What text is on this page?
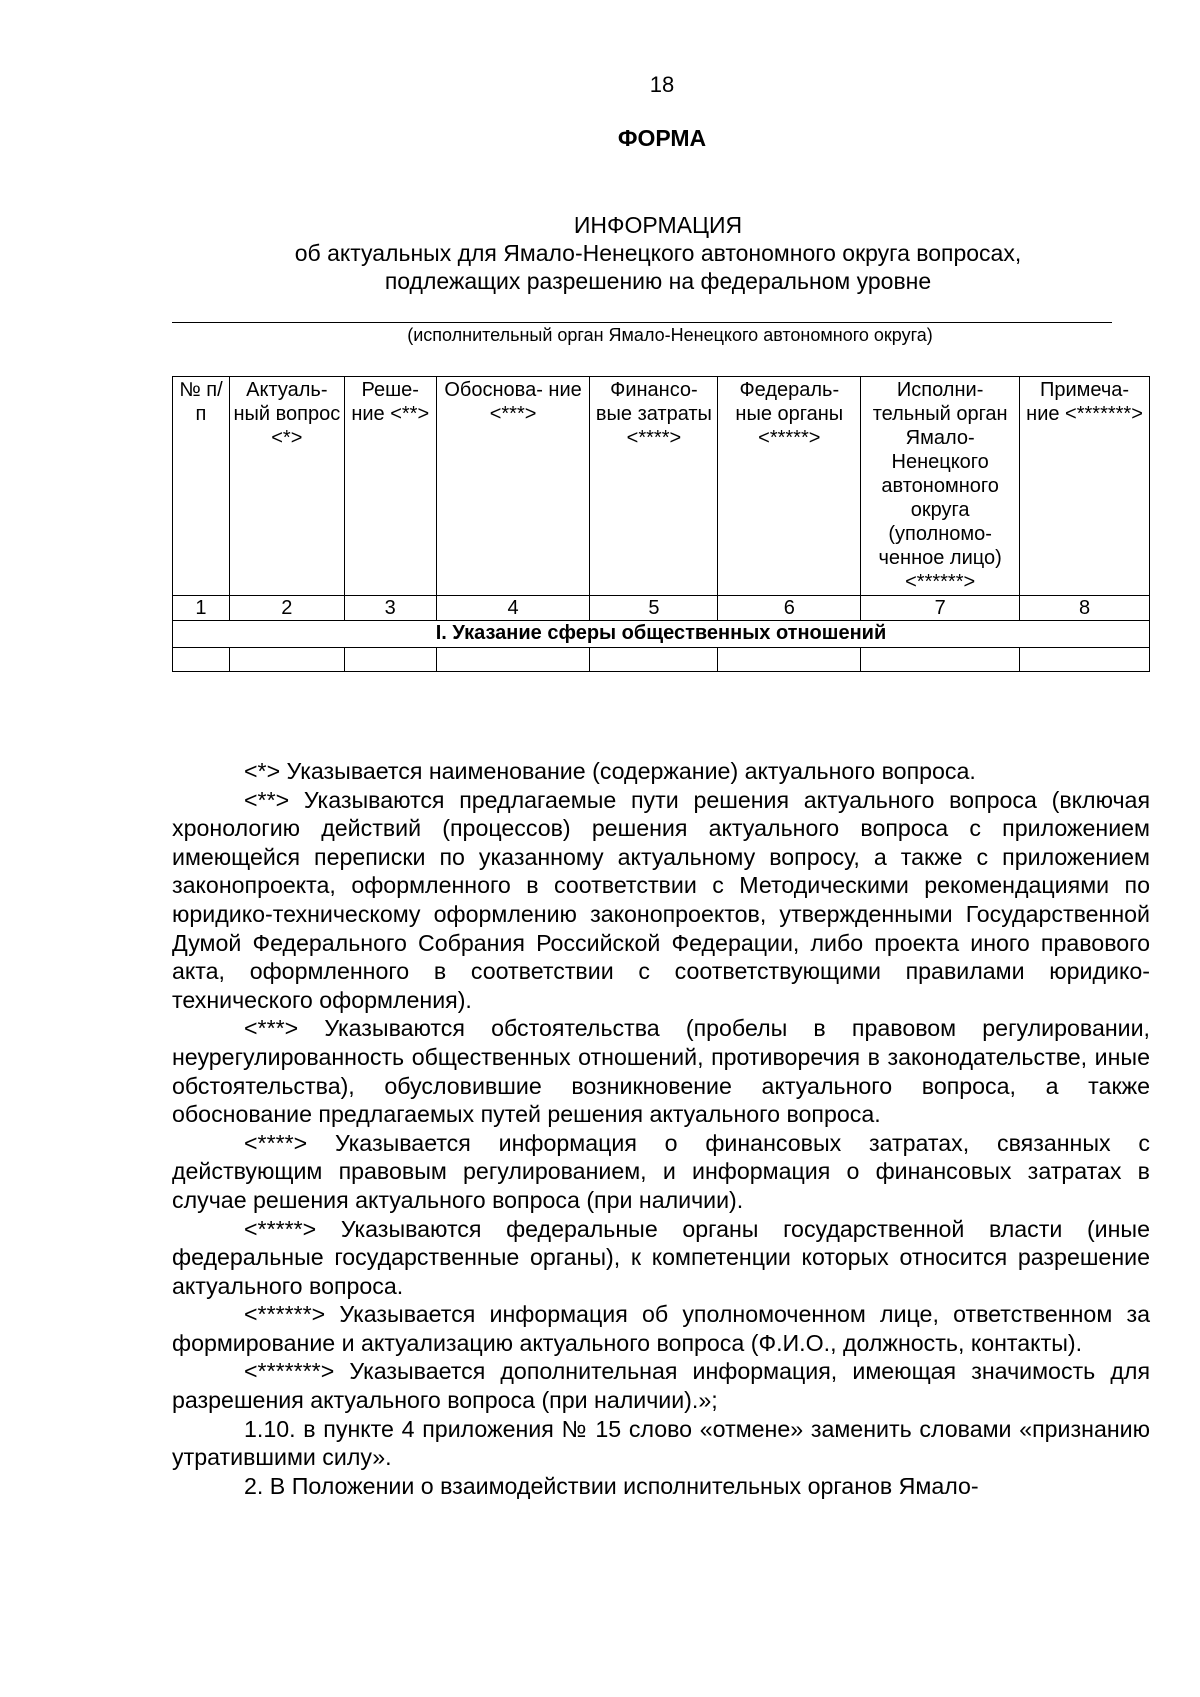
18
ФОРМА
ИНФОРМАЦИЯ
об актуальных для Ямало-Ненецкого автономного округа вопросах,
подлежащих разрешению на федеральном уровне
(исполнительный орган Ямало-Ненецкого автономного округа)
№ п/п	Актуаль- ный вопрос <*>	Реше- ние <**>	Обоснова- ние <***>	Финансо- вые затраты <****>	Федераль- ные органы <*****>	Исполни- тельный орган Ямало- Ненецкого автономного округа (уполномо- ченное лицо) <******>	Примеча- ние <*******>
1	2	3	4	5	6	7	8
I. Указание сферы общественных отношений							

<*> Указывается наименование (содержание) актуального вопроса.

<**> Указываются предлагаемые пути решения актуального вопроса (включая хронологию действий (процессов) решения актуального вопроса с приложением имеющейся переписки по указанному актуальному вопросу, а также с приложением законопроекта, оформленного в соответствии с Методическими рекомендациями по юридико-техническому оформлению законопроектов, утвержденными Государственной Думой Федерального Собрания Российской Федерации, либо проекта иного правового акта, оформленного в соответствии с соответствующими правилами юридико-технического оформления).

<***> Указываются обстоятельства (пробелы в правовом регулировании, неурегулированность общественных отношений, противоречия в законодательстве, иные обстоятельства), обусловившие возникновение актуального вопроса, а также обоснование предлагаемых путей решения актуального вопроса.

<****> Указывается информация о финансовых затратах, связанных с действующим правовым регулированием, и информация о финансовых затратах в случае решения актуального вопроса (при наличии).

<*****> Указываются федеральные органы государственной власти (иные федеральные государственные органы), к компетенции которых относится разрешение актуального вопроса.

<******> Указывается информация об уполномоченном лице, ответственном за формирование и актуализацию актуального вопроса (Ф.И.О., должность, контакты).

<*******> Указывается дополнительная информация, имеющая значимость для разрешения актуального вопроса (при наличии).»;

1.10. в пункте 4 приложения № 15 слово «отмене» заменить словами «признанию утратившими силу».

2. В Положении о взаимодействии исполнительных органов Ямало-
